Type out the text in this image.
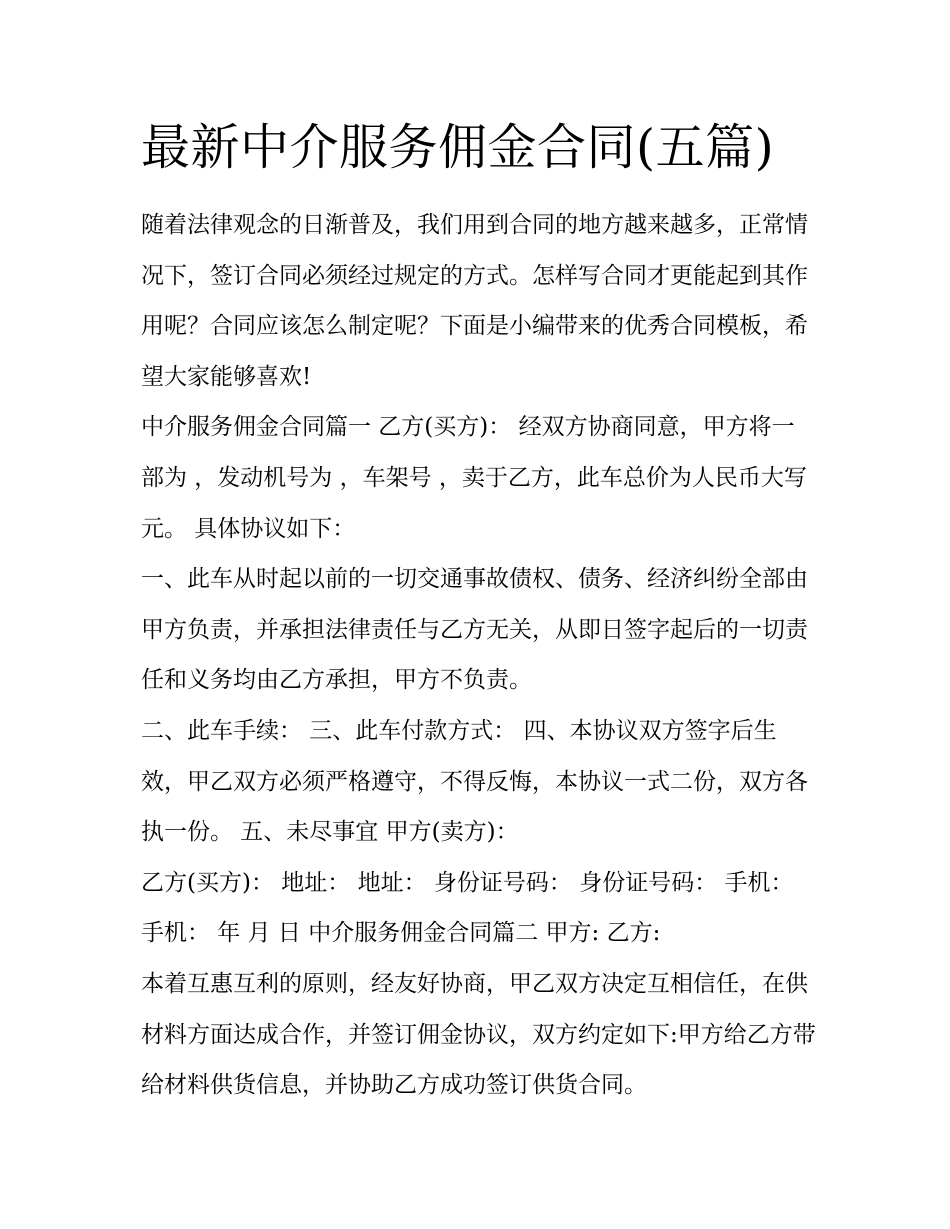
最新中介服务佣金合同(五篇)

随着法律观念的日渐普及，我们用到合同的地方越来越多，正常情况下，签订合同必须经过规定的方式。怎样写合同才更能起到其作用呢？合同应该怎么制定呢？下面是小编带来的优秀合同模板，希望大家能够喜欢!

中介服务佣金合同篇一 乙方(买方)： 经双方协商同意，甲方将一部为 ，发动机号为 ，车架号 ，卖于乙方，此车总价为人民币大写 元。 具体协议如下：

一、此车从时起以前的一切交通事故债权、债务、经济纠纷全部由甲方负责，并承担法律责任与乙方无关，从即日签字起后的一切责任和义务均由乙方承担，甲方不负责。

二、此车手续： 三、此车付款方式： 四、本协议双方签字后生效，甲乙双方必须严格遵守，不得反悔，本协议一式二份，双方各执一份。 五、未尽事宜 甲方(卖方)：

乙方(买方)： 地址： 地址： 身份证号码： 身份证号码： 手机： 手机： 年 月 日 中介服务佣金合同篇二 甲方: 乙方:

本着互惠互利的原则，经友好协商，甲乙双方决定互相信任，在供材料方面达成合作，并签订佣金协议，双方约定如下:甲方给乙方带给材料供货信息，并协助乙方成功签订供货合同。
